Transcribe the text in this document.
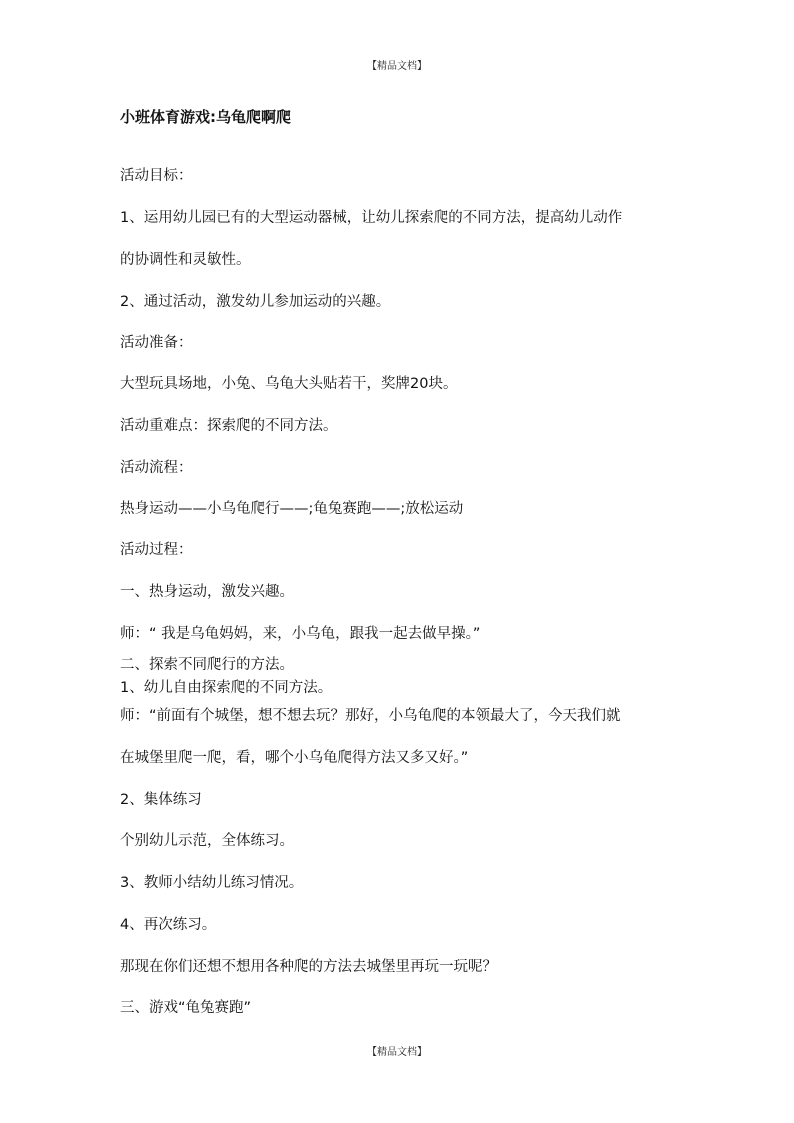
【精品文档】
小班体育游戏:乌龟爬啊爬
活动目标：
1、运用幼儿园已有的大型运动器械，让幼儿探索爬的不同方法，提高幼儿动作
的协调性和灵敏性。
2、通过活动，激发幼儿参加运动的兴趣。
活动准备：
大型玩具场地，小兔、乌龟大头贴若干，奖牌20块。
活动重难点：探索爬的不同方法。
活动流程：
热身运动——小乌龟爬行——;龟兔赛跑——;放松运动
活动过程：
一、热身运动，激发兴趣。
师：“ 我是乌龟妈妈，来，小乌龟，跟我一起去做早操。”
二、探索不同爬行的方法。
1、幼儿自由探索爬的不同方法。
师：“前面有个城堡，想不想去玩？那好，小乌龟爬的本领最大了，今天我们就
在城堡里爬一爬，看，哪个小乌龟爬得方法又多又好。”
2、集体练习
个别幼儿示范，全体练习。
3、教师小结幼儿练习情况。
4、再次练习。
那现在你们还想不想用各种爬的方法去城堡里再玩一玩呢？
三、游戏“龟兔赛跑”
【精品文档】
